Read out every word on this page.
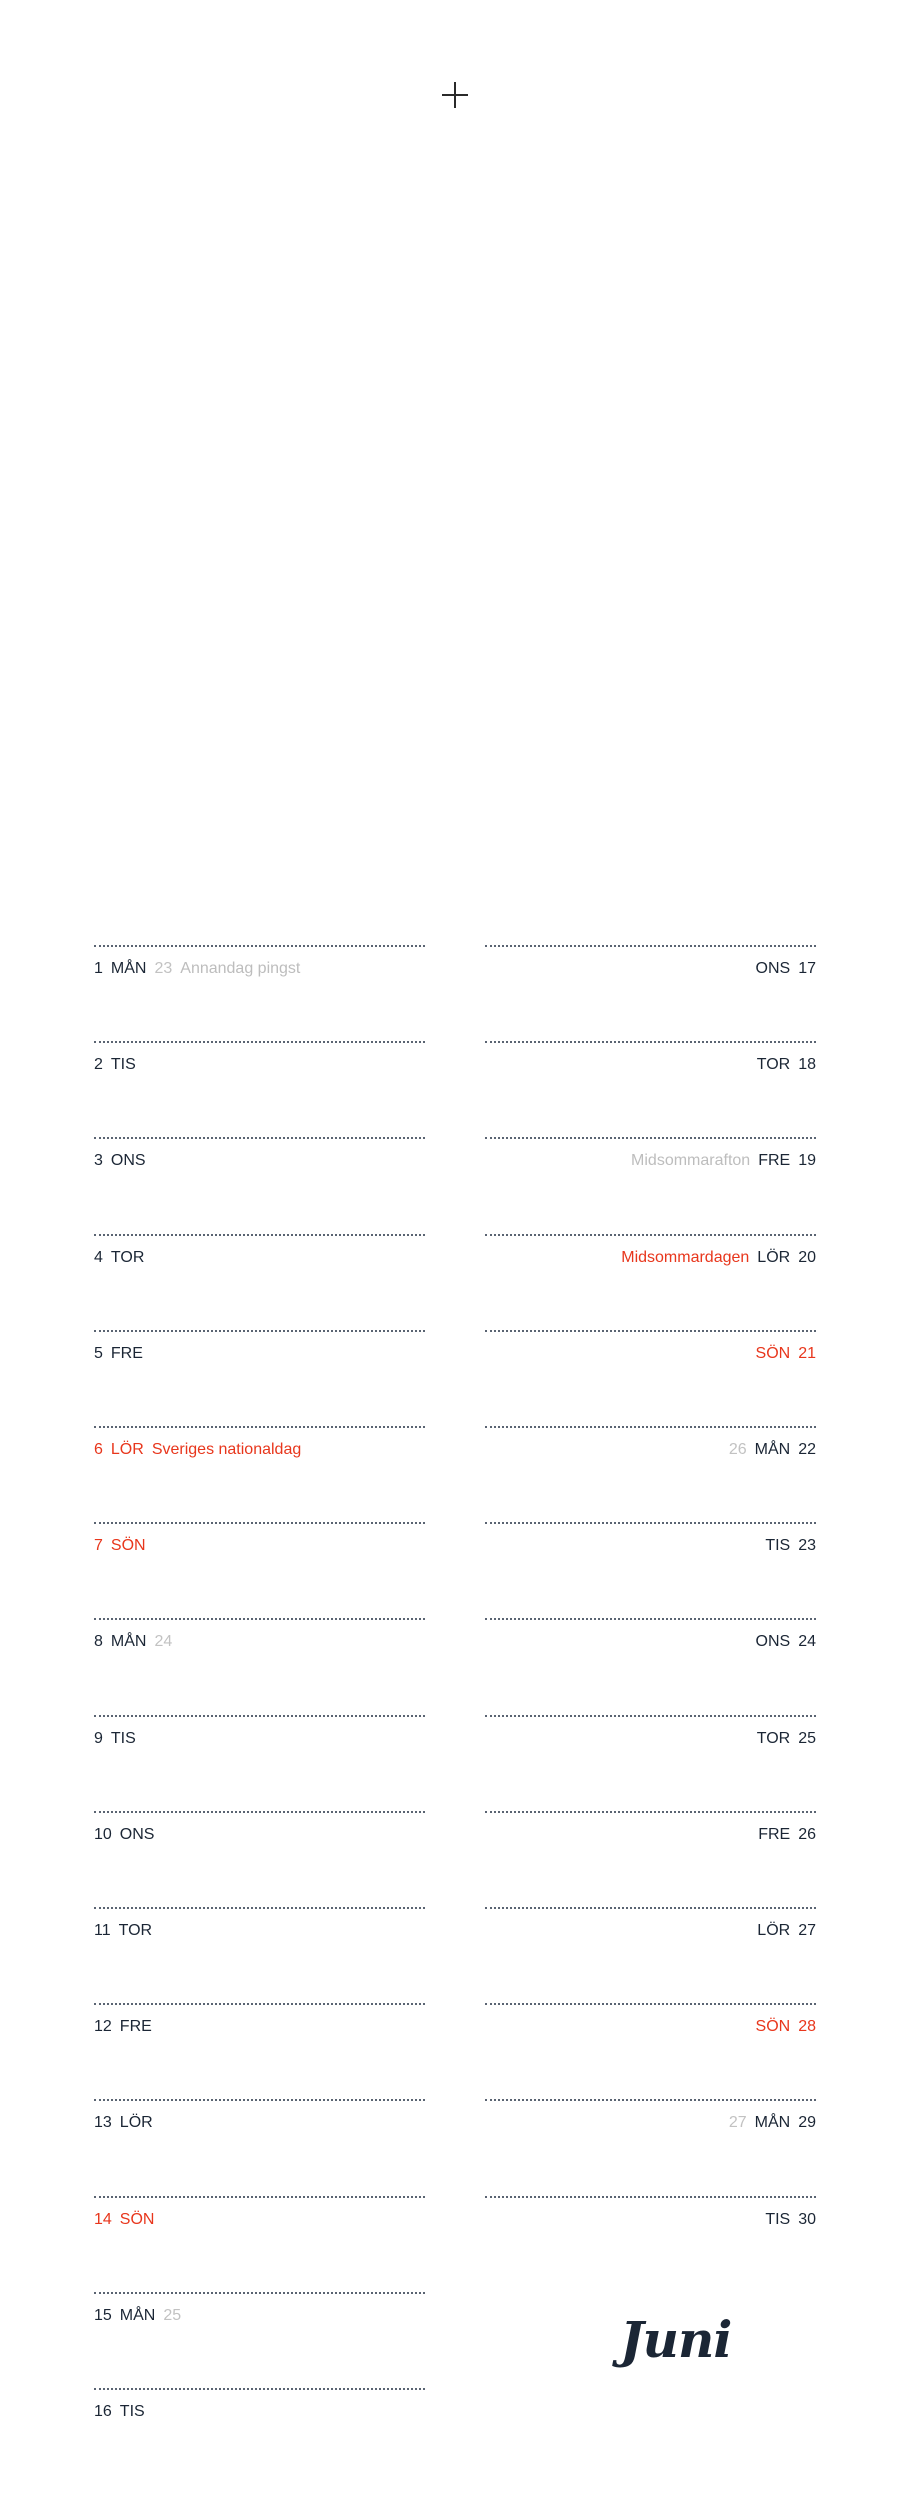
1 MÅN 23 Annandag pingst
2 TIS
3 ONS
4 TOR
5 FRE
6 LÖR Sveriges nationaldag
7 SÖN
8 MÅN 24
9 TIS
10 ONS
11 TOR
12 FRE
13 LÖR
14 SÖN
15 MÅN 25
16 TIS
ONS 17
TOR 18
Midsommarafton FRE 19
Midsommardagen LÖR 20
SÖN 21
26 MÅN 22
TIS 23
ONS 24
TOR 25
FRE 26
LÖR 27
SÖN 28
27 MÅN 29
TIS 30
Juni
